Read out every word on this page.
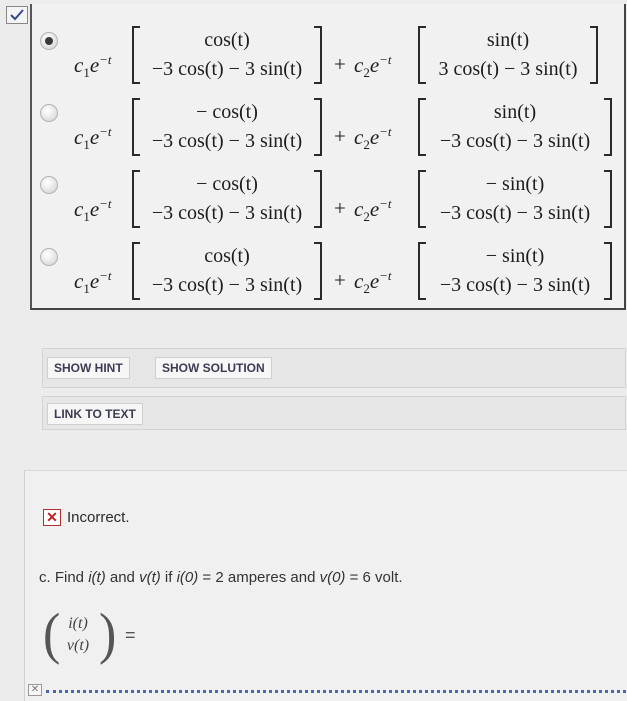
$c_1e^{-t}$
cos(t)
−3 cos(t) − 3 sin(t)	+ $c_2e^{-t}$
sin(t)
3 cos(t) − 3 sin(t)
$c_1e^{-t}$
− cos(t)
−3 cos(t) − 3 sin(t)	+ $c_2e^{-t}$
sin(t)
−3 cos(t) − 3 sin(t)
$c_1e^{-t}$
− cos(t)
−3 cos(t) − 3 sin(t)	+ $c_2e^{-t}$
− sin(t)
−3 cos(t) − 3 sin(t)
$c_1e^{-t}$
cos(t)
−3 cos(t) − 3 sin(t)	+ $c_2e^{-t}$
− sin(t)
−3 cos(t) − 3 sin(t)
SHOW HINT	SHOW SOLUTION
LINK TO TEXT
✕ Incorrect.
c. Find i(t) and v(t) if i(0) = 2 amperes and v(0) = 6 volt.
( i(t)
v(t) ) =
✕
